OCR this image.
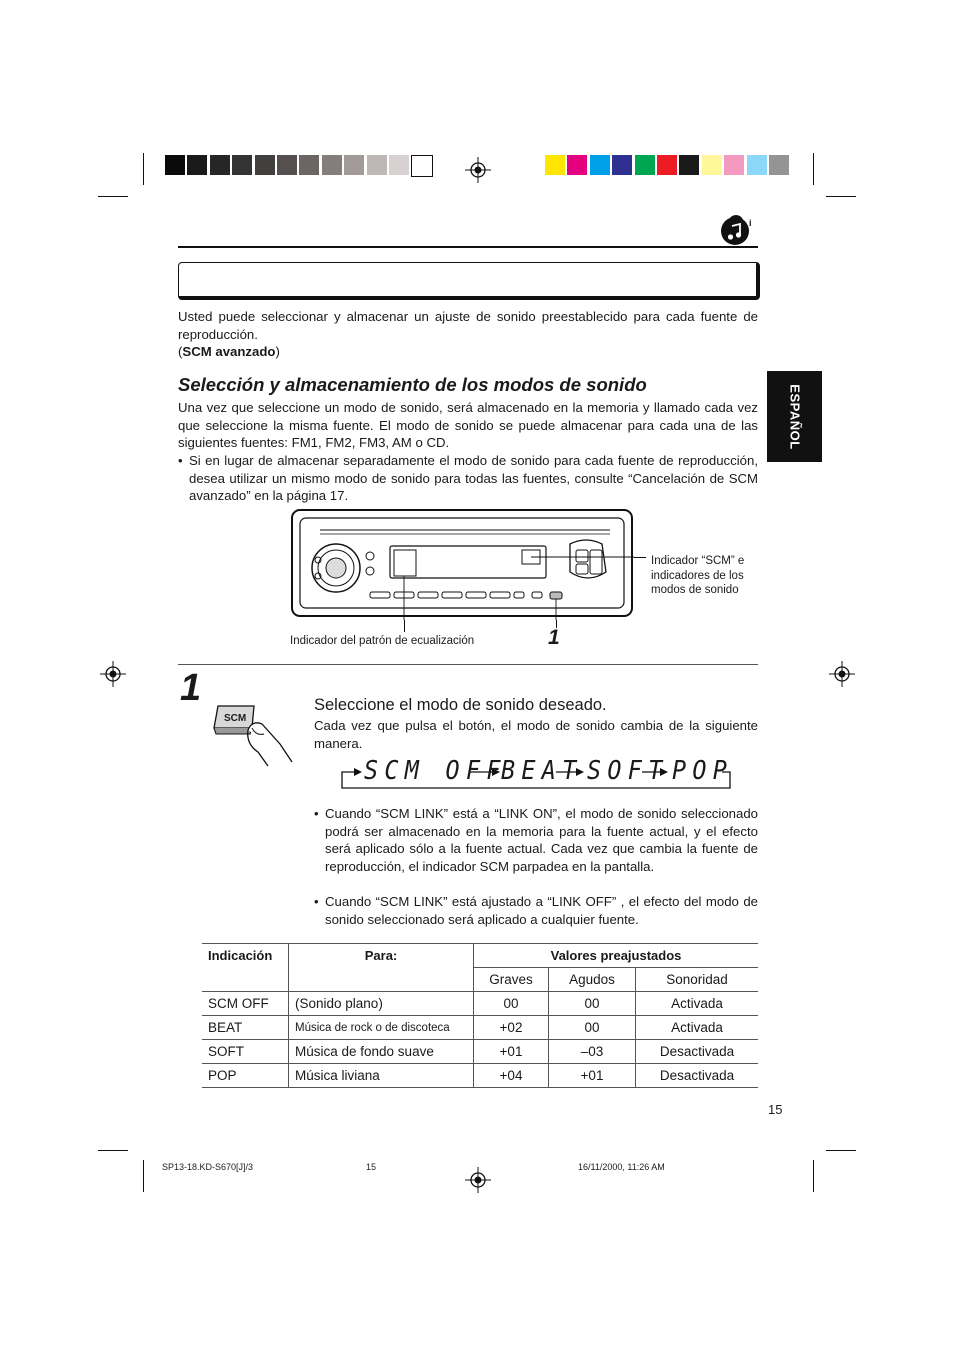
i
Usted puede seleccionar y almacenar un ajuste de sonido preestablecido para cada fuente de reproducción.
(SCM avanzado)
ESPAÑOL
Selección y almacenamiento de los modos de sonido
Una vez que seleccione un modo de sonido, será almacenado en la memoria y llamado cada vez que seleccione la misma fuente. El modo de sonido se puede almacenar para cada una de las siguientes fuentes: FM1, FM2, FM3, AM o CD.
• Si en lugar de almacenar separadamente el modo de sonido para cada fuente de reproducción, desea utilizar un mismo modo de sonido para todas las fuentes, consulte “Cancelación de SCM avanzado” en la página 17.
Indicador “SCM” e indicadores de los modos de sonido
Indicador del patrón de ecualización	1
1
SCM
Seleccione el modo de sonido deseado.
Cada vez que pulsa el botón, el modo de sonido cambia de la siguiente manera.
SCM OFF
BEAT SOFT POP
• Cuando “SCM LINK” está a “LINK ON”, el modo de sonido seleccionado podrá ser almacenado en la memoria para la fuente actual, y el efecto será aplicado sólo a la fuente actual. Cada vez que cambia la fuente de reproducción, el indicador SCM parpadea en la pantalla.
• Cuando “SCM LINK” está ajustado a “LINK OFF” , el efecto del modo de sonido seleccionado será aplicado a cualquier fuente.
Indicación	Para:	Valores preajustados		
		Graves	Agudos	Sonoridad
SCM OFF	(Sonido plano)	00	00	Activada
BEAT	Música de rock o de discoteca	+02	00	Activada
SOFT	Música de fondo suave	+01	–03	Desactivada
POP	Música liviana	+04	+01	Desactivada
15
SP13-18.KD-S670[J]/3	15	16/11/2000, 11:26 AM
